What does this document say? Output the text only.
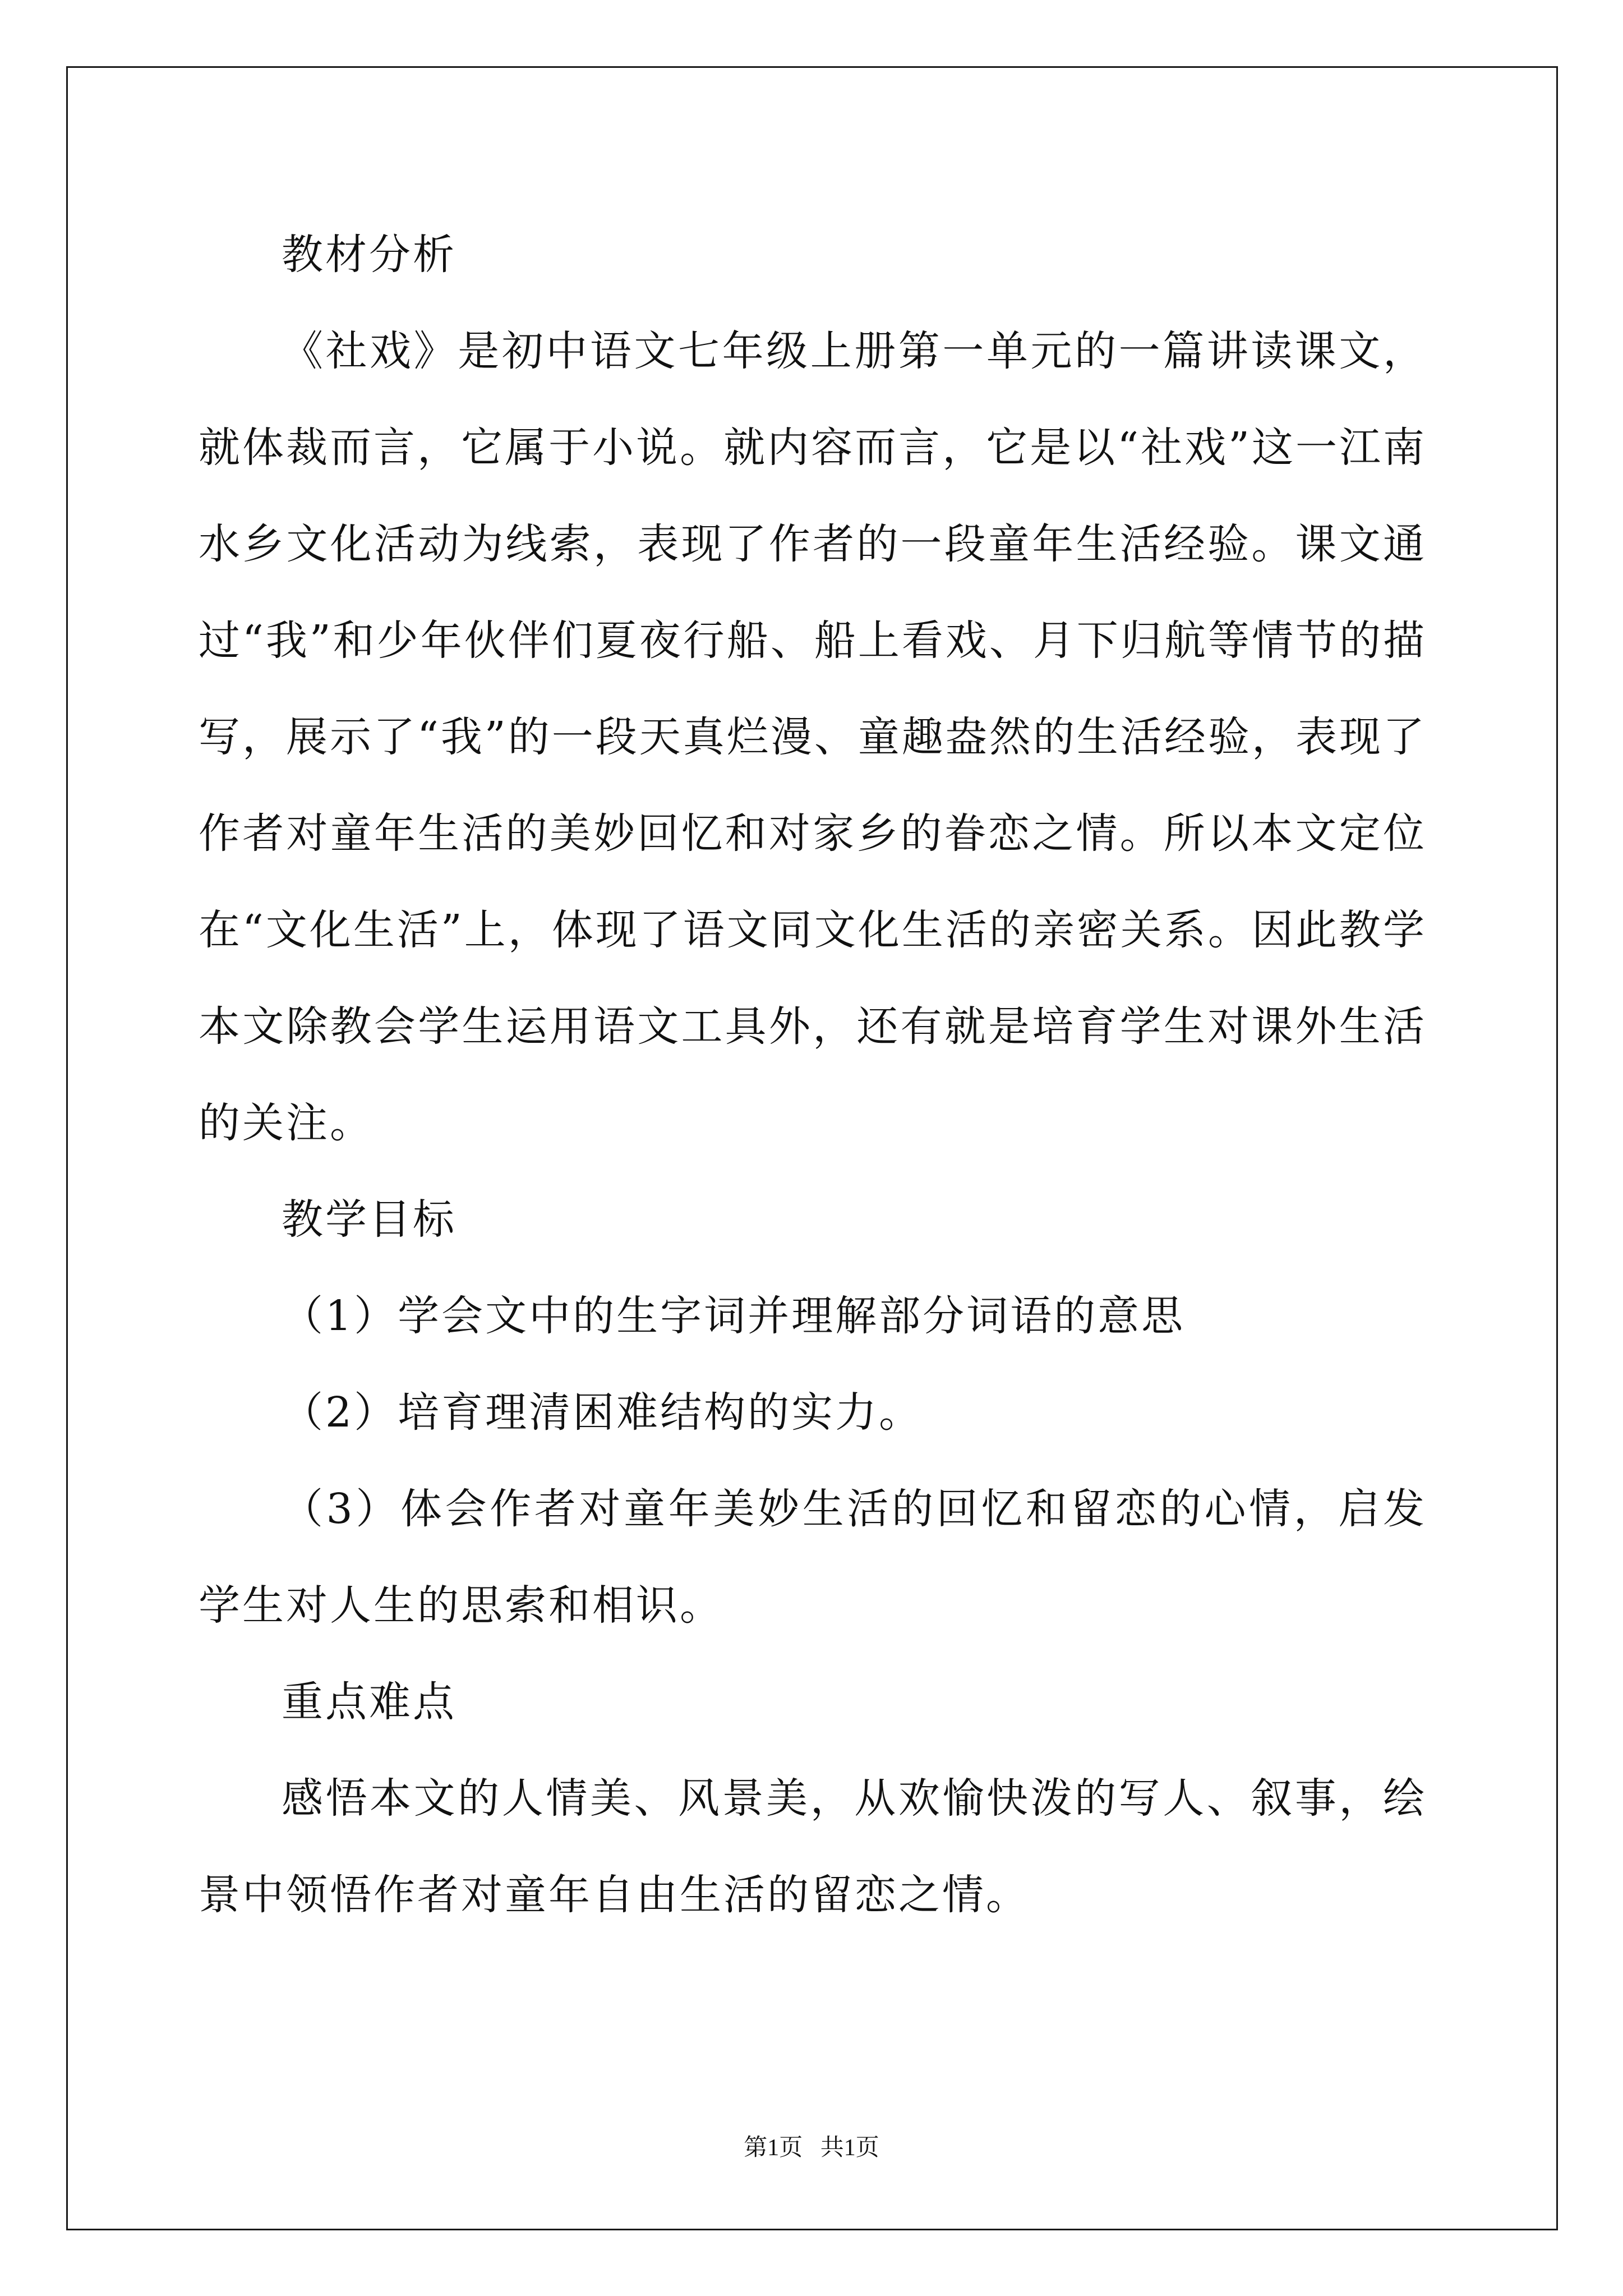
教材分析

《社戏》是初中语文七年级上册第一单元的一篇讲读课文，就体裁而言，它属于小说。就内容而言，它是以“社戏”这一江南水乡文化活动为线索，表现了作者的一段童年生活经验。课文通过“我”和少年伙伴们夏夜行船、船上看戏、月下归航等情节的描写，展示了“我”的一段天真烂漫、童趣盎然的生活经验，表现了作者对童年生活的美妙回忆和对家乡的眷恋之情。所以本文定位在“文化生活”上，体现了语文同文化生活的亲密关系。因此教学本文除教会学生运用语文工具外，还有就是培育学生对课外生活的关注。

教学目标

（1）学会文中的生字词并理解部分词语的意思

（2）培育理清困难结构的实力。

（3）体会作者对童年美妙生活的回忆和留恋的心情，启发学生对人生的思索和相识。

重点难点

感悟本文的人情美、风景美，从欢愉快泼的写人、叙事，绘景中领悟作者对童年自由生活的留恋之情。

第1页   共1页
